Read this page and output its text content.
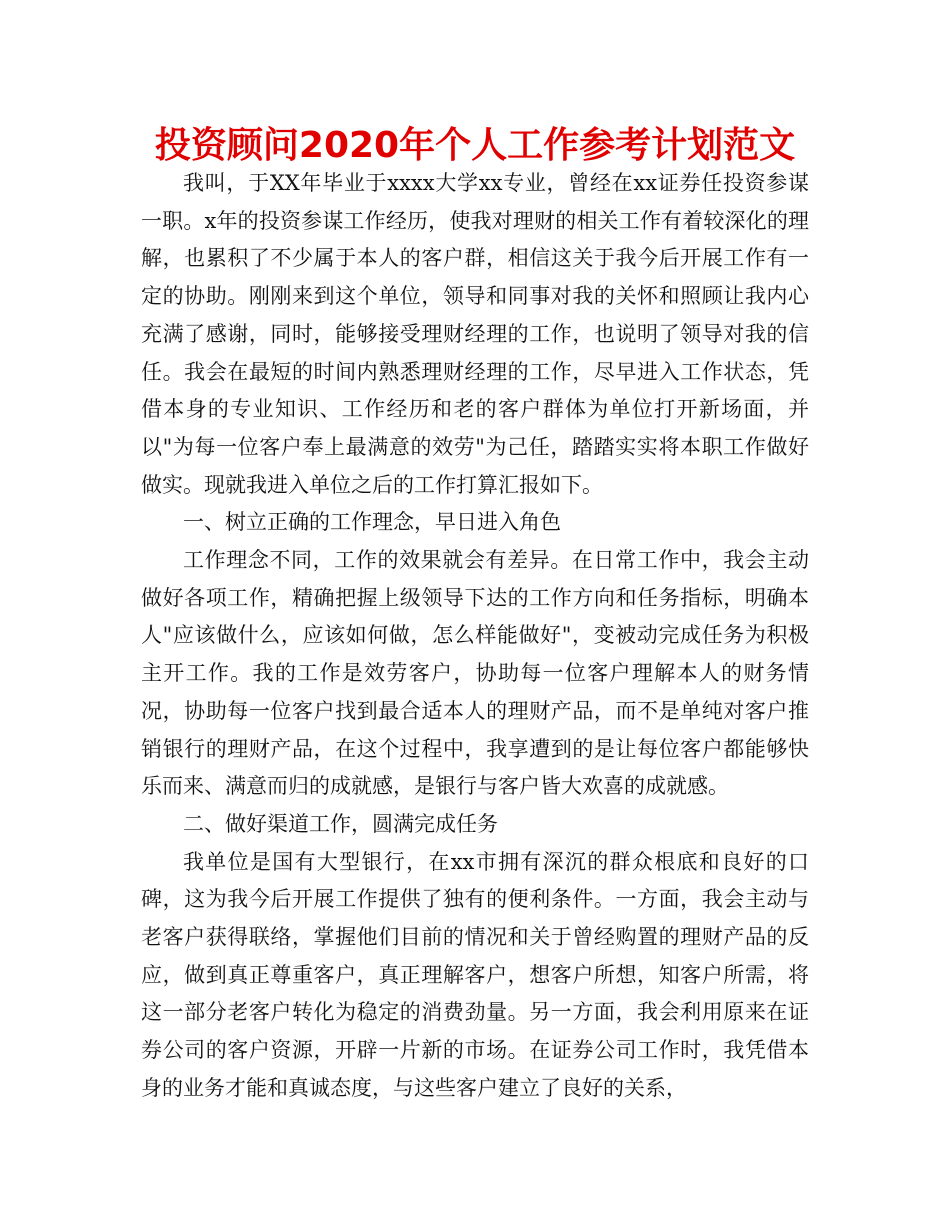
投资顾问2020年个人工作参考计划范文

我叫，于XX年毕业于xxxx大学xx专业，曾经在xx证券任投资参谋一职。x年的投资参谋工作经历，使我对理财的相关工作有着较深化的理解，也累积了不少属于本人的客户群，相信这关于我今后开展工作有一定的协助。刚刚来到这个单位，领导和同事对我的关怀和照顾让我内心充满了感谢，同时，能够接受理财经理的工作，也说明了领导对我的信任。我会在最短的时间内熟悉理财经理的工作，尽早进入工作状态，凭借本身的专业知识、工作经历和老的客户群体为单位打开新场面，并以"为每一位客户奉上最满意的效劳"为己任，踏踏实实将本职工作做好做实。现就我进入单位之后的工作打算汇报如下。

一、树立正确的工作理念，早日进入角色

工作理念不同，工作的效果就会有差异。在日常工作中，我会主动做好各项工作，精确把握上级领导下达的工作方向和任务指标，明确本人"应该做什么，应该如何做，怎么样能做好"，变被动完成任务为积极主开工作。我的工作是效劳客户，协助每一位客户理解本人的财务情况，协助每一位客户找到最合适本人的理财产品，而不是单纯对客户推销银行的理财产品，在这个过程中，我享遭到的是让每位客户都能够快乐而来、满意而归的成就感，是银行与客户皆大欢喜的成就感。

二、做好渠道工作，圆满完成任务

我单位是国有大型银行，在xx市拥有深沉的群众根底和良好的口碑，这为我今后开展工作提供了独有的便利条件。一方面，我会主动与老客户获得联络，掌握他们目前的情况和关于曾经购置的理财产品的反应，做到真正尊重客户，真正理解客户，想客户所想，知客户所需，将这一部分老客户转化为稳定的消费劲量。另一方面，我会利用原来在证券公司的客户资源，开辟一片新的市场。在证券公司工作时，我凭借本身的业务才能和真诚态度，与这些客户建立了良好的关系，
